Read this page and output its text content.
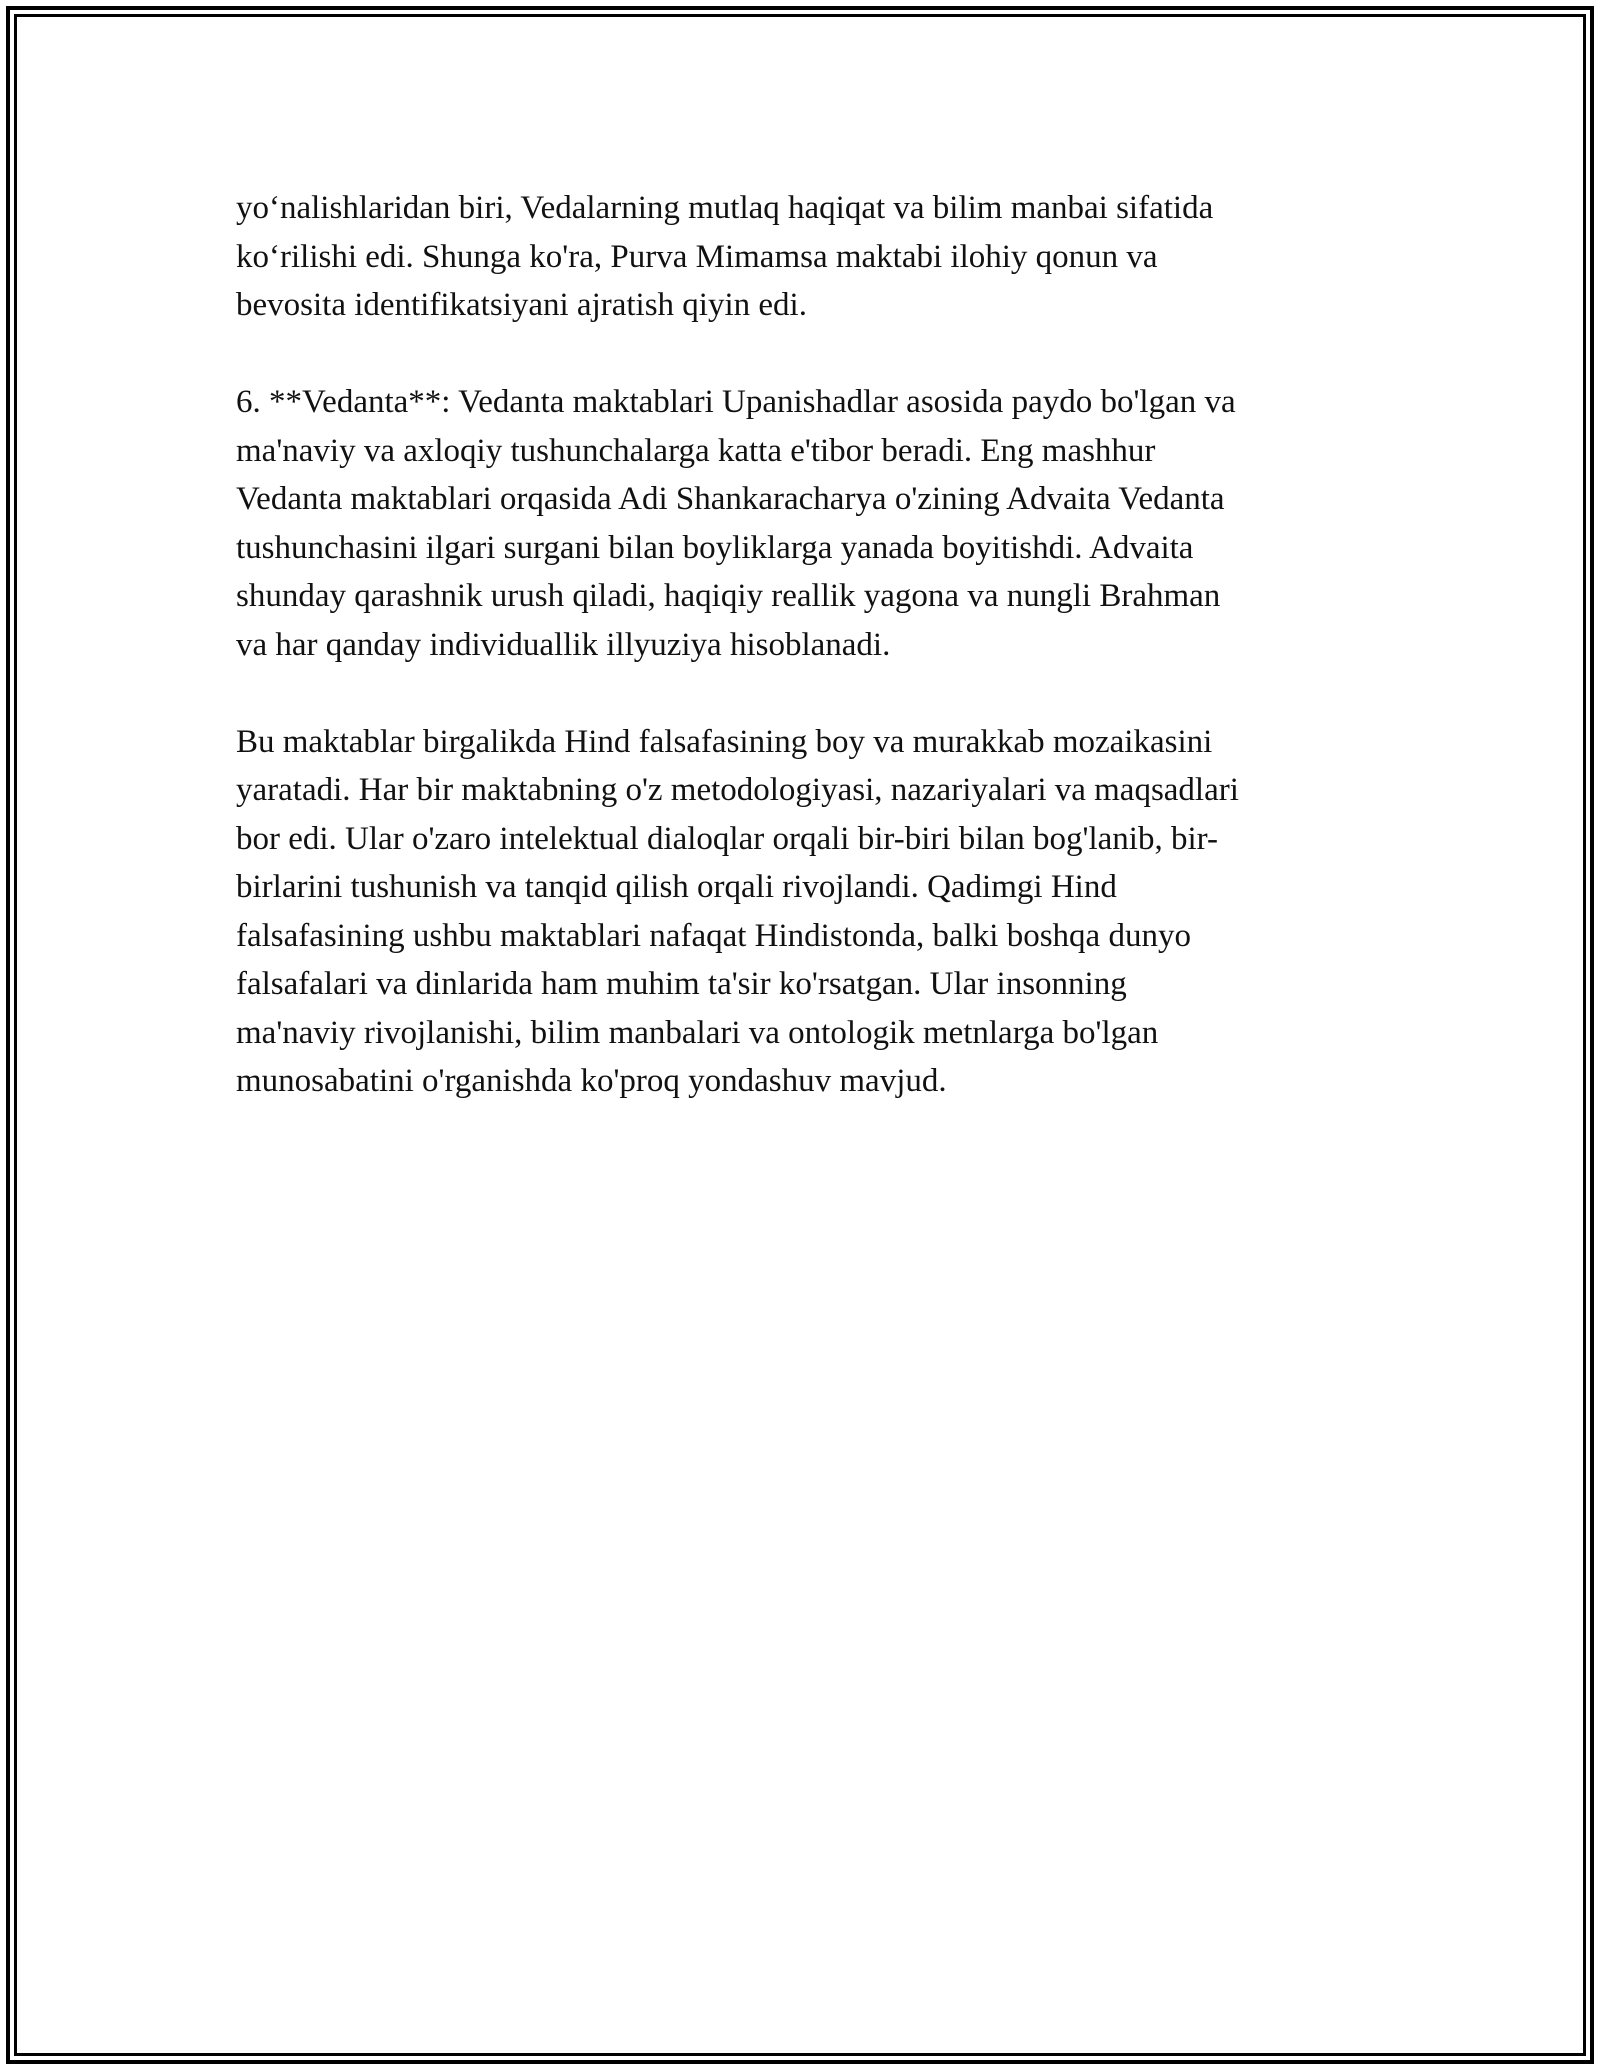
yo‘nalishlaridan biri, Vedalarning mutlaq haqiqat va bilim manbai sifatida
ko‘rilishi edi. Shunga ko'ra, Purva Mimamsa maktabi ilohiy qonun va
bevosita identifikatsiyani ajratish qiyin edi.
6. **Vedanta**: Vedanta maktablari Upanishadlar asosida paydo bo'lgan va
ma'naviy va axloqiy tushunchalarga katta e'tibor beradi. Eng mashhur
Vedanta maktablari orqasida Adi Shankaracharya o'zining Advaita Vedanta
tushunchasini ilgari surgani bilan boyliklarga yanada boyitishdi. Advaita
shunday qarashnik urush qiladi, haqiqiy reallik yagona va nungli Brahman
va har qanday individuallik illyuziya hisoblanadi.
Bu maktablar birgalikda Hind falsafasining boy va murakkab mozaikasini
yaratadi. Har bir maktabning o'z metodologiyasi, nazariyalari va maqsadlari
bor edi. Ular o'zaro intelektual dialoqlar orqali bir-biri bilan bog'lanib, bir-
birlarini tushunish va tanqid qilish orqali rivojlandi. Qadimgi Hind
falsafasining ushbu maktablari nafaqat Hindistonda, balki boshqa dunyo
falsafalari va dinlarida ham muhim ta'sir ko'rsatgan. Ular insonning
ma'naviy rivojlanishi, bilim manbalari va ontologik metnlarga bo'lgan
munosabatini o'rganishda ko'proq yondashuv mavjud.
